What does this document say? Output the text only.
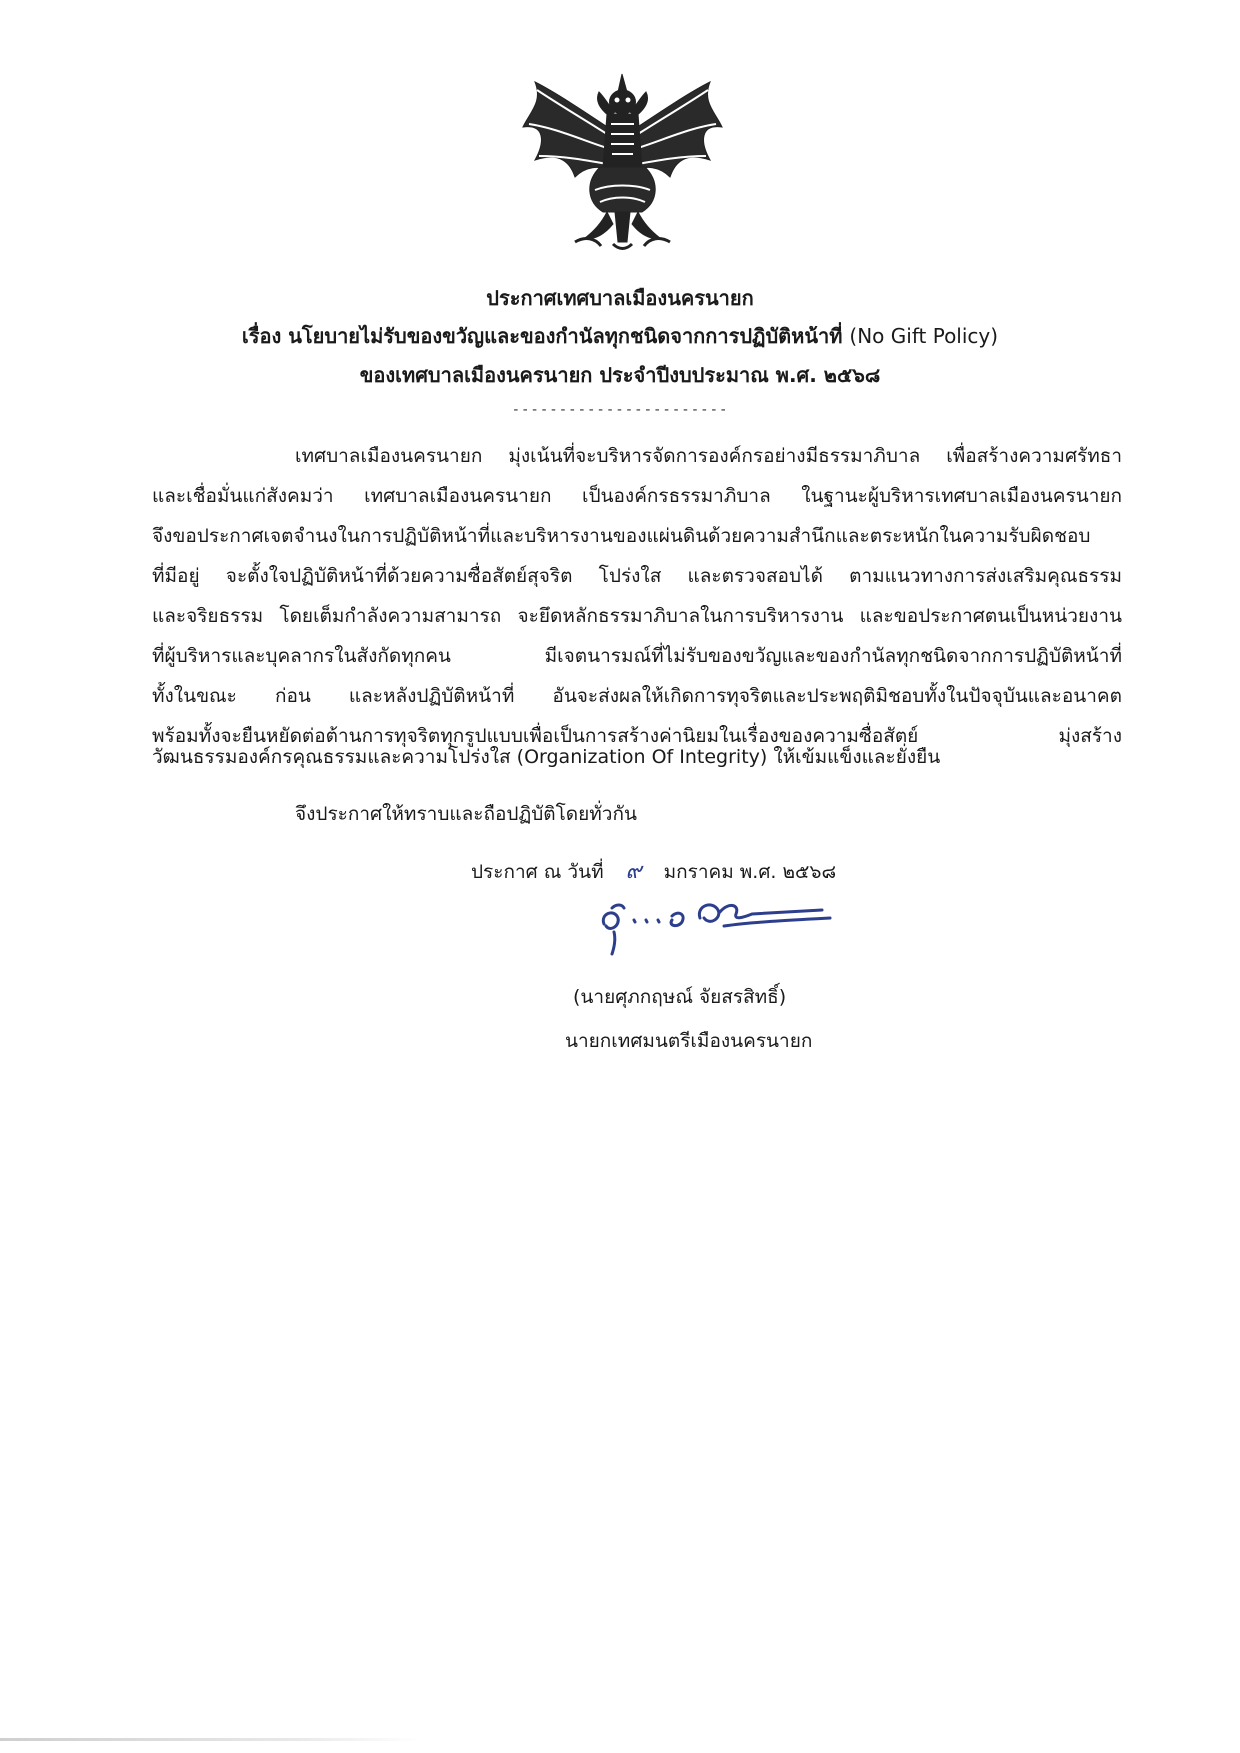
ประกาศเทศบาลเมืองนครนายก
เรื่อง นโยบายไม่รับของขวัญและของกำนัลทุกชนิดจากการปฏิบัติหน้าที่ (No Gift Policy)
ของเทศบาลเมืองนครนายก ประจำปีงบประมาณ พ.ศ. ๒๕๖๘
-----------------------
เทศบาลเมืองนครนายก มุ่งเน้นที่จะบริหารจัดการองค์กรอย่างมีธรรมาภิบาล เพื่อสร้างความศรัทธา
และเชื่อมั่นแก่สังคมว่า เทศบาลเมืองนครนายก เป็นองค์กรธรรมาภิบาล ในฐานะผู้บริหารเทศบาลเมืองนครนายก
จึงขอประกาศเจตจำนงในการปฏิบัติหน้าที่และบริหารงานของแผ่นดินด้วยความสำนึกและตระหนักในความรับผิดชอบ
ที่มีอยู่ จะตั้งใจปฏิบัติหน้าที่ด้วยความซื่อสัตย์สุจริต โปร่งใส และตรวจสอบได้ ตามแนวทางการส่งเสริมคุณธรรม
และจริยธรรม โดยเต็มกำลังความสามารถ จะยึดหลักธรรมาภิบาลในการบริหารงาน และขอประกาศตนเป็นหน่วยงาน
ที่ผู้บริหารและบุคลากรในสังกัดทุกคน มีเจตนารมณ์ที่ไม่รับของขวัญและของกำนัลทุกชนิดจากการปฏิบัติหน้าที่
ทั้งในขณะ ก่อน และหลังปฏิบัติหน้าที่ อันจะส่งผลให้เกิดการทุจริตและประพฤติมิชอบทั้งในปัจจุบันและอนาคต
พร้อมทั้งจะยืนหยัดต่อต้านการทุจริตทุกรูปแบบเพื่อเป็นการสร้างค่านิยมในเรื่องของความซื่อสัตย์ มุ่งสร้าง
วัฒนธรรมองค์กรคุณธรรมและความโปร่งใส (Organization Of Integrity) ให้เข้มแข็งและยั่งยืน
จึงประกาศให้ทราบและถือปฏิบัติโดยทั่วกัน
ประกาศ ณ วันที่ ๙ มกราคม พ.ศ. ๒๕๖๘
(นายศุภกฤษณ์ จัยสรสิทธิ์)
นายกเทศมนตรีเมืองนครนายก
